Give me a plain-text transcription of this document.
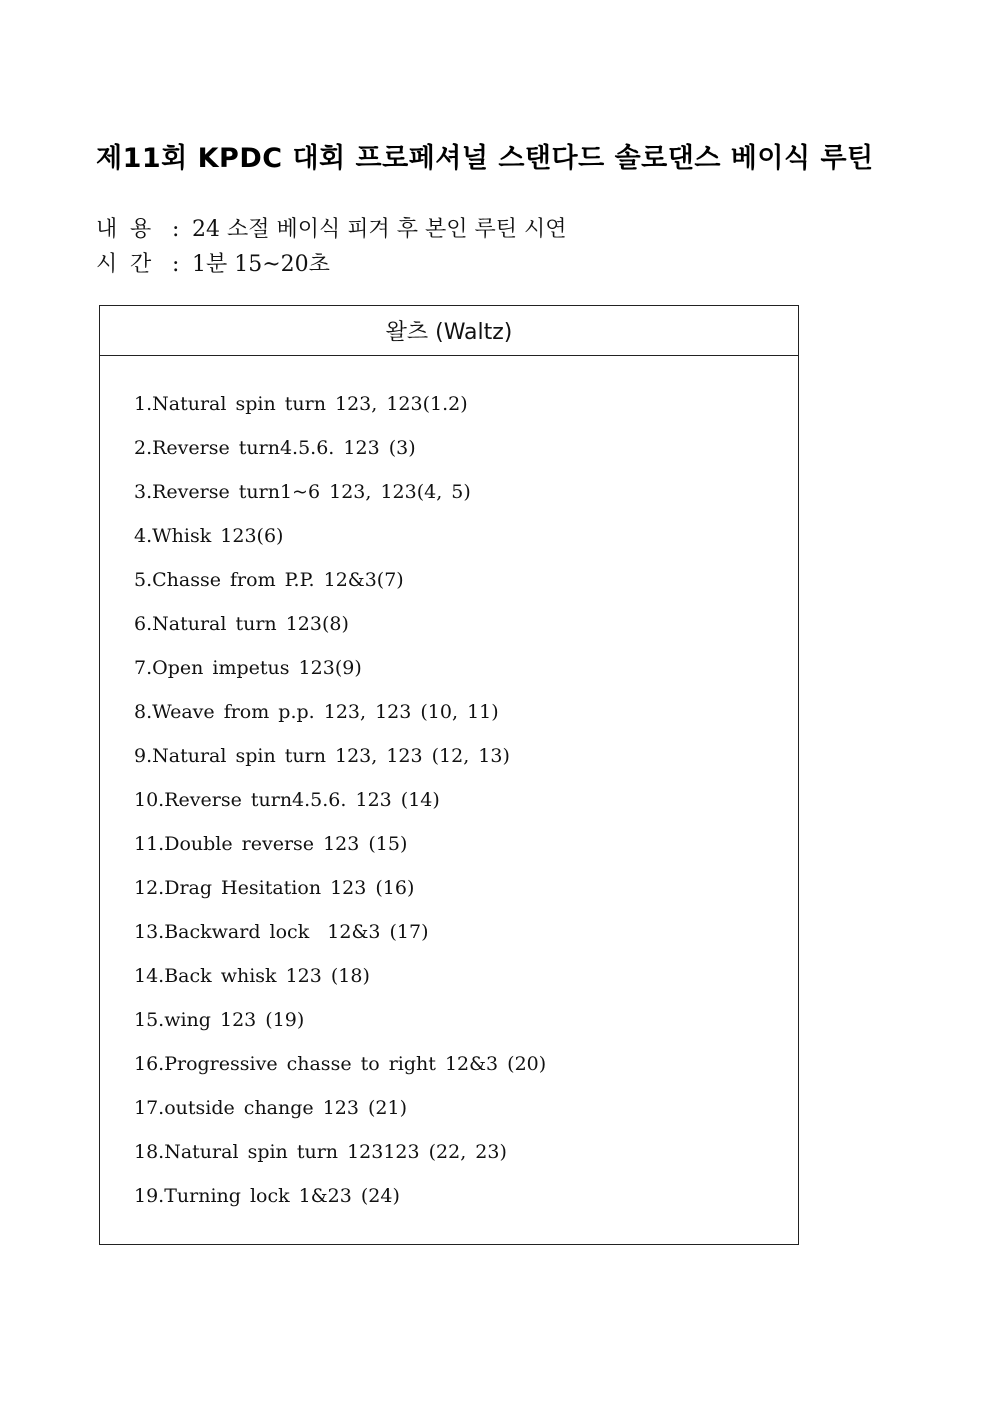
제11회 KPDC 대회 프로페셔널 스탠다드 솔로댄스 베이식 루틴
내 용 : 24 소절 베이식 피겨 후 본인 루틴 시연
시 간 : 1분 15~20초
왈츠 (Waltz)
1.Natural spin turn 123, 123(1.2)
2.Reverse turn4.5.6. 123 (3)
3.Reverse turn1~6 123, 123(4, 5)
4.Whisk 123(6)
5.Chasse from P.P. 12&3(7)
6.Natural turn 123(8)
7.Open impetus 123(9)
8.Weave from p.p. 123, 123 (10, 11)
9.Natural spin turn 123, 123 (12, 13)
10.Reverse turn4.5.6. 123 (14)
11.Double reverse 123 (15)
12.Drag Hesitation 123 (16)
13.Backward lock  12&3 (17)
14.Back whisk 123 (18)
15.wing 123 (19)
16.Progressive chasse to right 12&3 (20)
17.outside change 123 (21)
18.Natural spin turn 123123 (22, 23)
19.Turning lock 1&23 (24)
